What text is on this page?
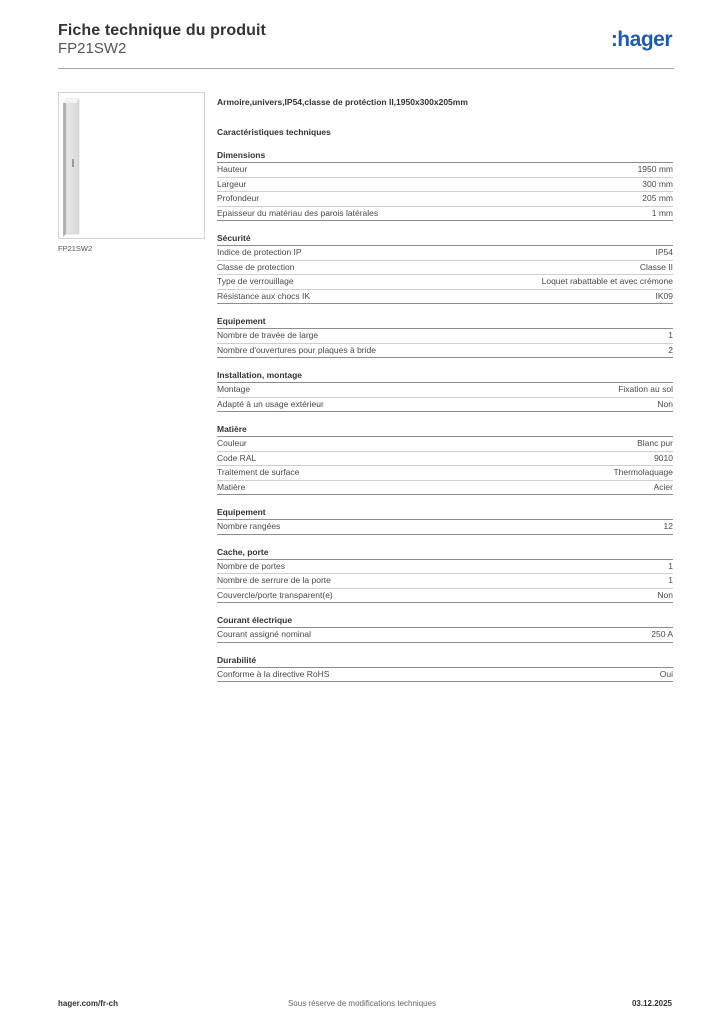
Fiche technique du produit
FP21SW2	:hager
FP21SW2
Armoire,univers,IP54,classe de protéction II,1950x300x205mm
Caractéristiques techniques
Dimensions
Hauteur	1950 mm
Largeur	300 mm
Profondeur	205 mm
Epaisseur du matériau des parois latérales	1 mm
Sécurité
Indice de protection IP	IP54
Classe de protection	Classe II
Type de verrouillage	Loquet rabattable et avec crémone
Résistance aux chocs IK	IK09
Equipement
Nombre de travée de large	1
Nombre d'ouvertures pour plaques à bride	2
Installation, montage
Montage	Fixation au sol
Adapté à un usage extérieur	Non
Matière
Couleur	Blanc pur
Code RAL	9010
Traitement de surface	Thermolaquage
Matière	Acier
Equipement
Nombre rangées	12
Cache, porte
Nombre de portes	1
Nombre de serrure de la porte	1
Couvercle/porte transparent(e)	Non
Courant électrique
Courant assigné nominal	250 A
Durabilité
Conforme à la directive RoHS	Oui
hager.com/fr-ch	Sous réserve de modifications techniques	03.12.2025
